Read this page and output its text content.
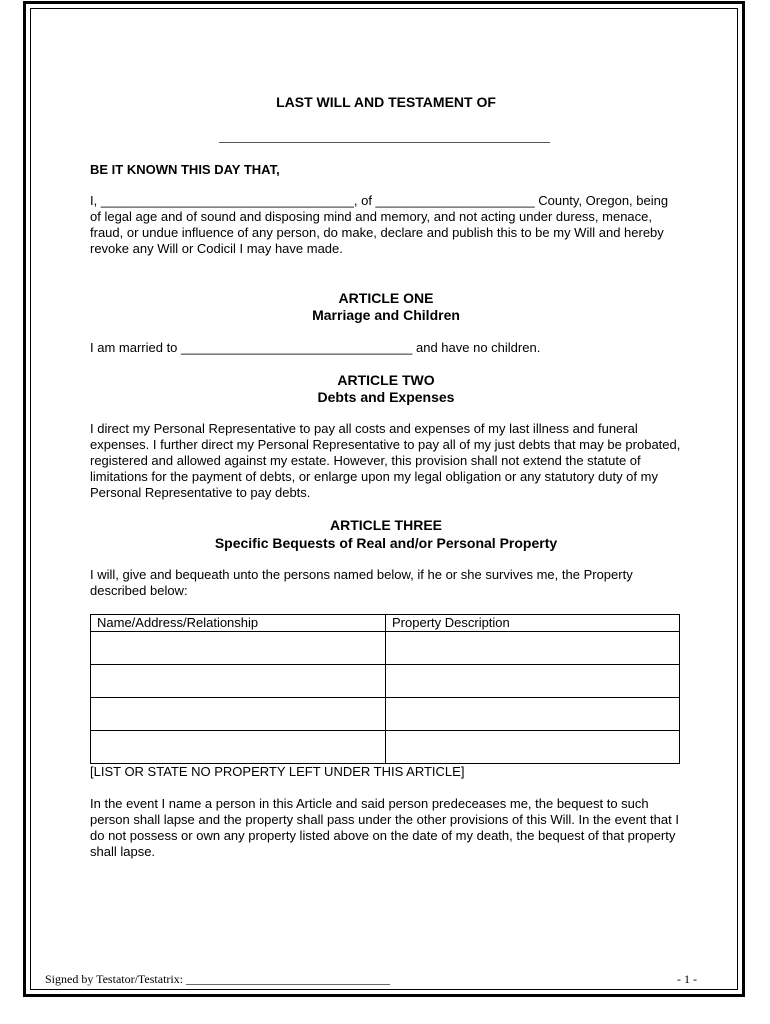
LAST WILL AND TESTAMENT OF
BE IT KNOWN THIS DAY THAT,
I, ___________________________________, of ______________________ County, Oregon, being of legal age and of sound and disposing mind and memory, and not acting under duress, menace, fraud, or undue influence of any person, do make, declare and publish this to be my Will and hereby revoke any Will or Codicil I may have made.
ARTICLE ONE
Marriage and Children
I am married to ________________________________ and have no children.
ARTICLE TWO
Debts and Expenses
I direct my Personal Representative to pay all costs and expenses of my last illness and funeral expenses. I further direct my Personal Representative to pay all of my just debts that may be probated, registered and allowed against my estate. However, this provision shall not extend the statute of limitations for the payment of debts, or enlarge upon my legal obligation or any statutory duty of my Personal Representative to pay debts.
ARTICLE THREE
Specific Bequests of Real and/or Personal Property
I will, give and bequeath unto the persons named below, if he or she survives me, the Property described below:
Name/Address/Relationship	Property Description

[LIST OR STATE NO PROPERTY LEFT UNDER THIS ARTICLE]
In the event I name a person in this Article and said person predeceases me, the bequest to such person shall lapse and the property shall pass under the other provisions of this Will. In the event that I do not possess or own any property listed above on the date of my death, the bequest of that property shall lapse.
Signed by Testator/Testatrix: __________________________________	- 1 -
